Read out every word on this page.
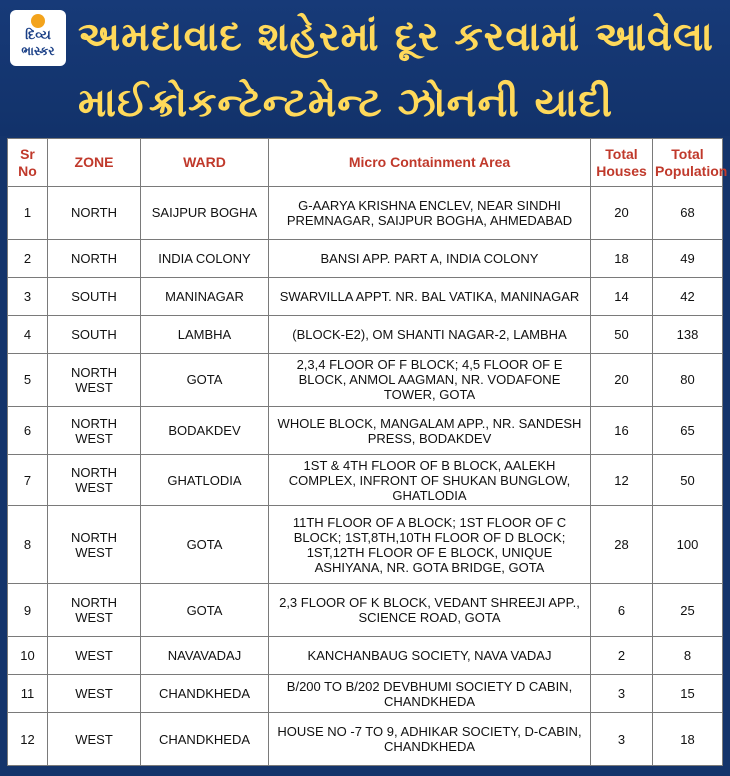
દિવ્ય
ભાસ્કર અમદાવાદ શહેરમાં દૂર કરવામાં આવેલા
માઈક્રોકન્ટેન્ટમેન્ટ ઝોનની યાદી
Sr No	ZONE	WARD	Micro Containment Area	Total Houses	Total Population
1	NORTH	SAIJPUR BOGHA	G-AARYA KRISHNA ENCLEV, NEAR SINDHI PREMNAGAR, SAIJPUR BOGHA, AHMEDABAD	20	68
2	NORTH	INDIA COLONY	BANSI APP. PART A, INDIA COLONY	18	49
3	SOUTH	MANINAGAR	SWARVILLA APPT. NR. BAL VATIKA, MANINAGAR	14	42
4	SOUTH	LAMBHA	(BLOCK-E2), OM SHANTI NAGAR-2, LAMBHA	50	138
5	NORTH WEST	GOTA	2,3,4 FLOOR OF F BLOCK; 4,5 FLOOR OF E BLOCK, ANMOL AAGMAN, NR. VODAFONE TOWER, GOTA	20	80
6	NORTH WEST	BODAKDEV	WHOLE BLOCK, MANGALAM APP., NR. SANDESH PRESS, BODAKDEV	16	65
7	NORTH WEST	GHATLODIA	1ST & 4TH FLOOR OF B BLOCK, AALEKH COMPLEX, INFRONT OF SHUKAN BUNGLOW, GHATLODIA	12	50
8	NORTH WEST	GOTA	11TH FLOOR OF A BLOCK; 1ST FLOOR OF C BLOCK; 1ST,8TH,10TH FLOOR OF D BLOCK; 1ST,12TH FLOOR OF E BLOCK, UNIQUE ASHIYANA, NR. GOTA BRIDGE, GOTA	28	100
9	NORTH WEST	GOTA	2,3 FLOOR OF K BLOCK, VEDANT SHREEJI APP., SCIENCE ROAD, GOTA	6	25
10	WEST	NAVAVADAJ	KANCHANBAUG SOCIETY, NAVA VADAJ	2	8
11	WEST	CHANDKHEDA	B/200 TO B/202 DEVBHUMI SOCIETY D CABIN, CHANDKHEDA	3	15
12	WEST	CHANDKHEDA	HOUSE NO -7 TO 9, ADHIKAR SOCIETY, D-CABIN, CHANDKHEDA	3	18
